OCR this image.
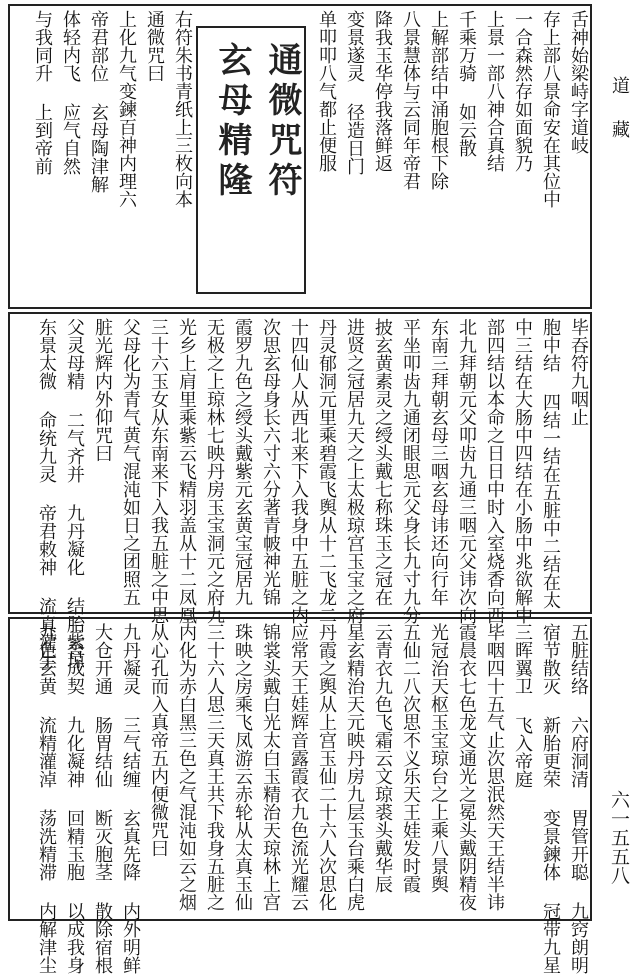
通微咒符
玄母精隆	舌神始梁峙字道岐
存上部八景命安在其位中
一合森然存如面貌乃
上景一部八神合真结
千乘万骑 如云散
上解部结中涌胞根下除
八景慧体与云同年帝君
降我玉华停我落鲜返
变景遂灵 径造日门
单叩叩八气都止便服
右符朱书青纸上三枚向本
通微咒曰
上化九气变鍊百神内理六
帝君部位 玄母陶津解
体轻内飞 应气自然
与我同升 上到帝前
毕吞符九咽止
胞中结 四结一结在五脏中二结在太
中三结在大肠中四结在小肠中兆欲解中
部四结以本命之日日中时入室烧香向西
北九拜朝元父叩齿九通三咽元父讳次向
东南三拜朝玄母三咽玄母讳还向行年
平坐叩齿九通闭眼思元父身长九寸九分
披玄黄素灵之绶头戴七称珠玉之冠在
进贤之冠居九天之上太极琼宫玉宝之府
丹灵郁洞元里乘碧霞飞舆从十二飞龙二
十四仙人从西北来下入我身中五脏之内
次思玄母身长六寸六分著青帔神光锦
霞罗九色之绶头戴紫元玄黄宝冠居九
无极之上琼林七映丹房玉宝洞元之府九
光乡上肩里乘紫云飞精羽盖从十二凤凰
三十六玉女从东南来下入我五脏之中思
父母化为青气黄气混沌如日之团照五
脏光辉内外仰咒曰
父灵母精 二气齐并 九丹凝化 结胎紫琼
东景太微 命统九灵 帝君敕神 流真灌生
五脏结络 六府洞清 胃管开聪 九窍朗明
宿节散灭 新胎更荣 变景鍊体 冠带九星
三晖翼卫 飞入帝庭
毕咽四十五气止次思泯然天王结半讳
霞晨衣七色龙文通光之冕头戴阴精夜
光冠治天枢玉宝琼台之上乘八景舆
五仙二八次思不义乐天王娃发时霞
云青衣九色飞霜云文琼裘头戴华辰
星玄精治天元映丹房九层玉台乘白虎
丹霞之舆从上宫玉仙二十六人次思化
应常天王娃辉音露霞衣九色流光耀云
锦裳头戴白光太白玉精治天琼林上宫
珠映之房乘飞凤游云赤轮从太真玉仙
三十六人思三天真王共下我身五脏之
内化为赤白黑三色之气混沌如云之烟
从心孔而入真帝五内便微咒曰
九丹凝灵 三气结缠 玄真先降 内外明鲜
大仓开通 肠胃结仙 断灭胞茎 散除宿根
三合成契 九化凝神 回精玉胞 以成我身
九色玄黄 流精灌淖 荡洗精滞 内解津尘
道藏
六一五五八
